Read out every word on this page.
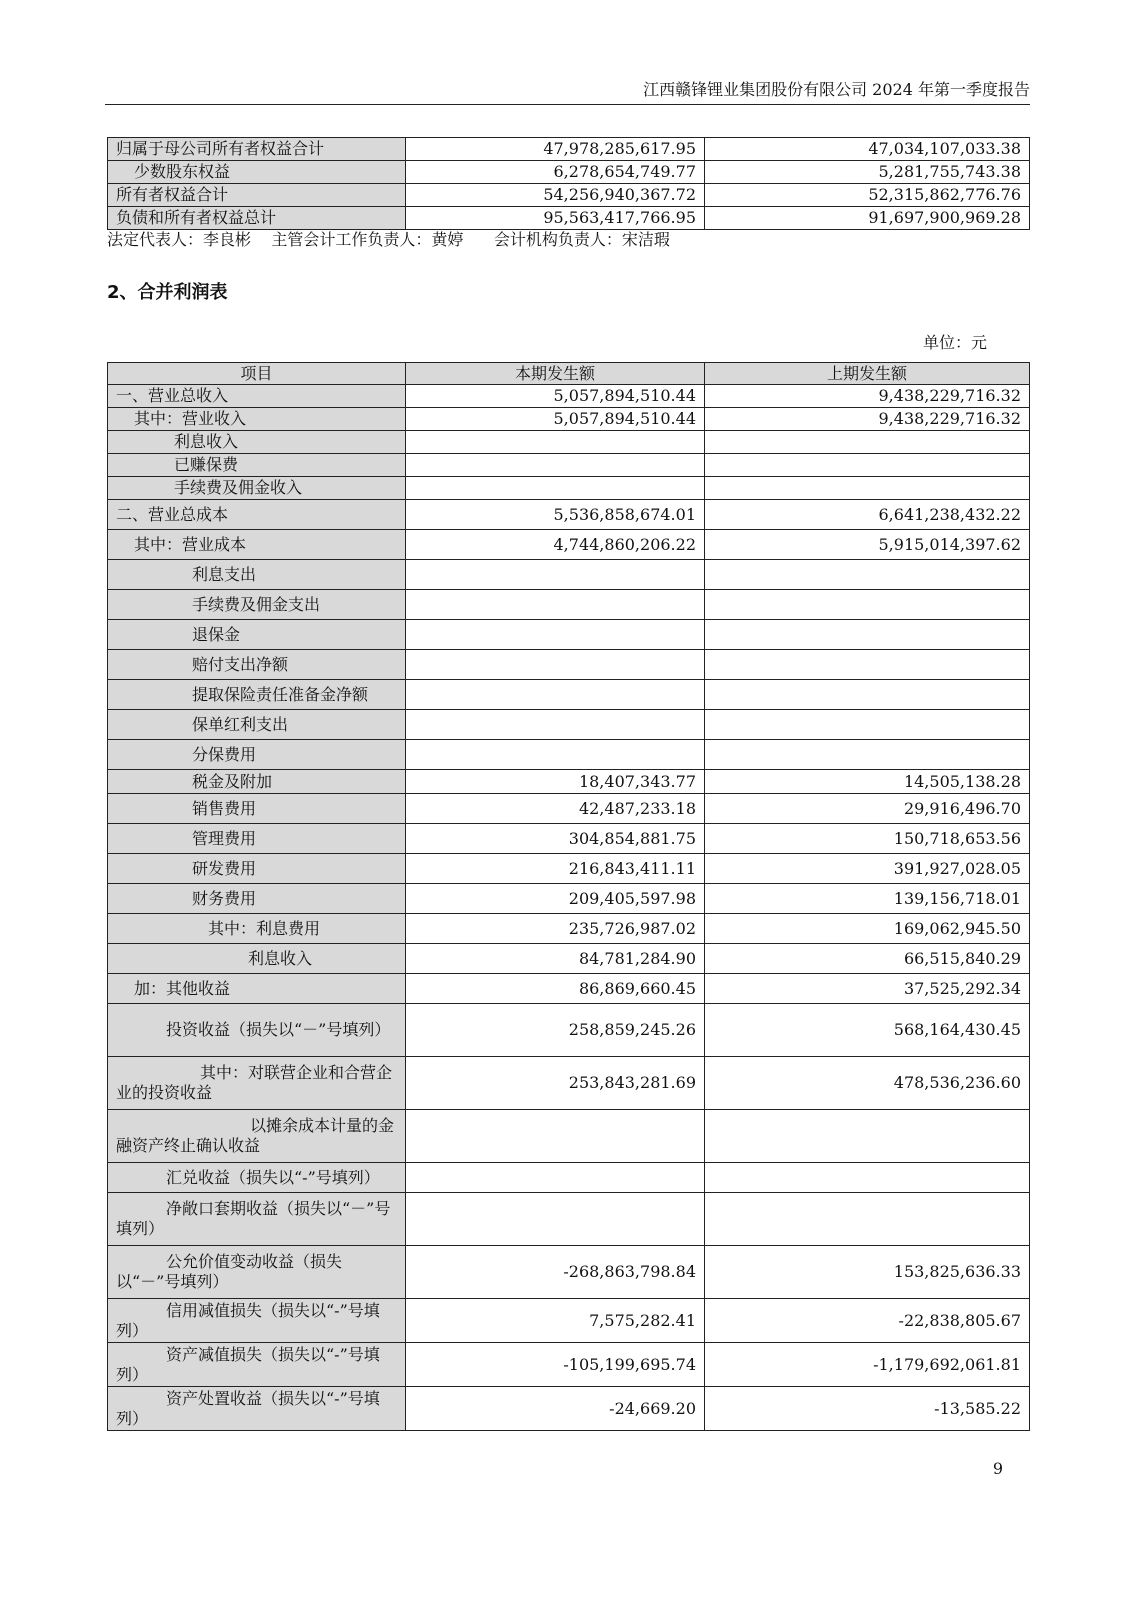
江西赣锋锂业集团股份有限公司 2024 年第一季度报告
归属于母公司所有者权益合计	47,978,285,617.95	47,034,107,033.38
少数股东权益	6,278,654,749.77	5,281,755,743.38
所有者权益合计	54,256,940,367.72	52,315,862,776.76
负债和所有者权益总计	95,563,417,766.95	91,697,900,969.28
法定代表人：李良彬    主管会计工作负责人：黄婷      会计机构负责人：宋洁瑕
2、合并利润表
单位：元
项目	本期发生额	上期发生额
一、营业总收入	5,057,894,510.44	9,438,229,716.32
其中：营业收入	5,057,894,510.44	9,438,229,716.32
利息收入		
已赚保费		
手续费及佣金收入		
二、营业总成本	5,536,858,674.01	6,641,238,432.22
其中：营业成本	4,744,860,206.22	5,915,014,397.62
利息支出		
手续费及佣金支出		
退保金		
赔付支出净额		
提取保险责任准备金净额		
保单红利支出		
分保费用		
税金及附加	18,407,343.77	14,505,138.28
销售费用	42,487,233.18	29,916,496.70
管理费用	304,854,881.75	150,718,653.56
研发费用	216,843,411.11	391,927,028.05
财务费用	209,405,597.98	139,156,718.01
其中：利息费用	235,726,987.02	169,062,945.50
利息收入	84,781,284.90	66,515,840.29
加：其他收益	86,869,660.45	37,525,292.34
投资收益（损失以“－”号填列）	258,859,245.26	568,164,430.45
其中：对联营企业和合营企业的投资收益	253,843,281.69	478,536,236.60
以摊余成本计量的金融资产终止确认收益		
汇兑收益（损失以“-”号填列）		
净敞口套期收益（损失以“－”号填列）		
公允价值变动收益（损失以“－”号填列）	-268,863,798.84	153,825,636.33
信用减值损失（损失以“-”号填列）	7,575,282.41	-22,838,805.67
资产减值损失（损失以“-”号填列）	-105,199,695.74	-1,179,692,061.81
资产处置收益（损失以“-”号填列）	-24,669.20	-13,585.22
9
